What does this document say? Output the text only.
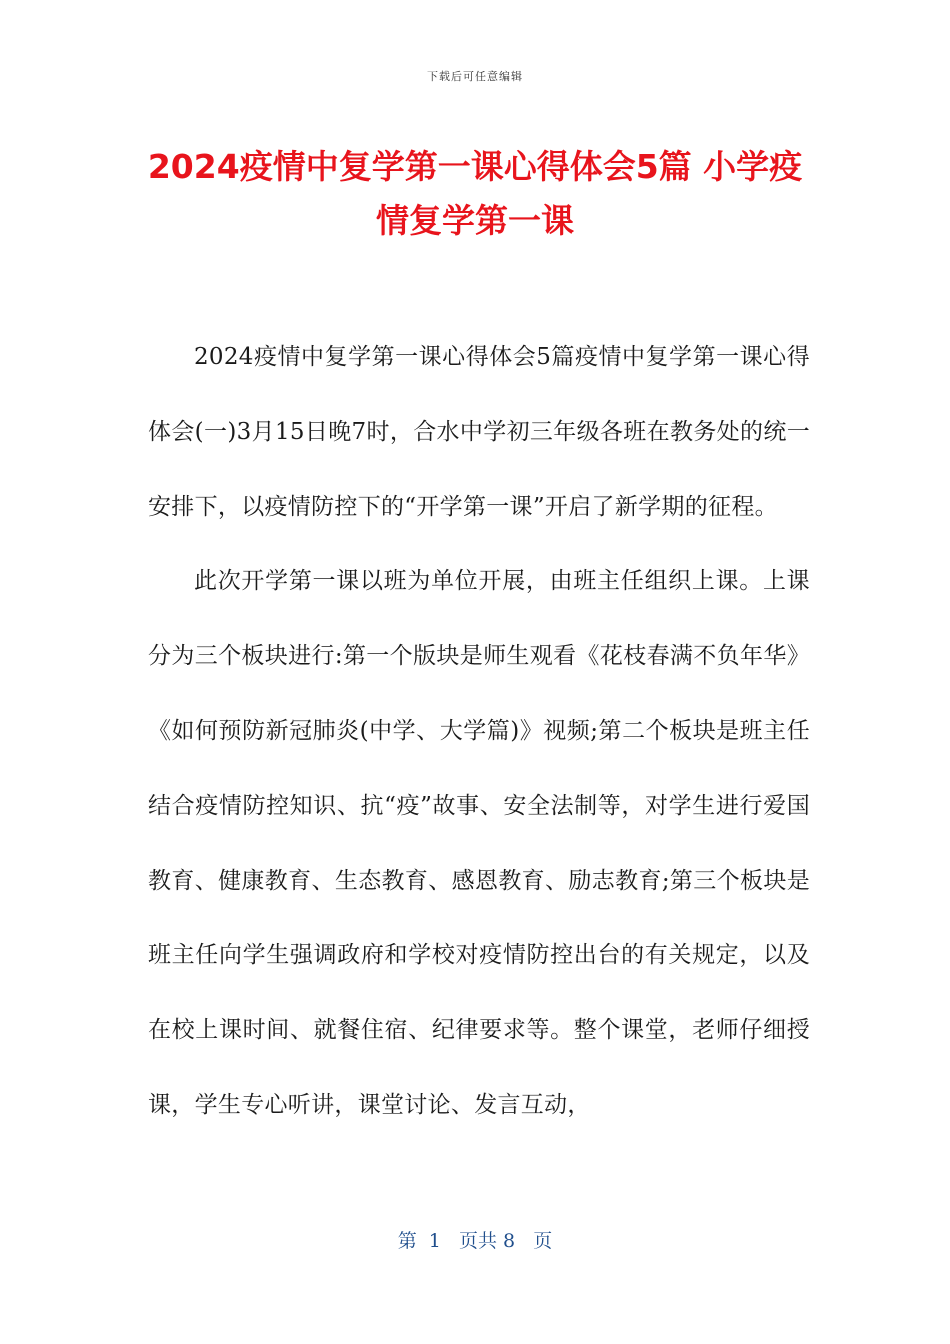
下载后可任意编辑
2024疫情中复学第一课心得体会5篇 小学疫情复学第一课

2024疫情中复学第一课心得体会5篇疫情中复学第一课心得体会(一)3月15日晚7时，合水中学初三年级各班在教务处的统一安排下，以疫情防控下的“开学第一课”开启了新学期的征程。

此次开学第一课以班为单位开展，由班主任组织上课。上课分为三个板块进行:第一个版块是师生观看《花枝春满不负年华》《如何预防新冠肺炎(中学、大学篇)》视频;第二个板块是班主任结合疫情防控知识、抗“疫”故事、安全法制等，对学生进行爱国教育、健康教育、生态教育、感恩教育、励志教育;第三个板块是班主任向学生强调政府和学校对疫情防控出台的有关规定，以及在校上课时间、就餐住宿、纪律要求等。整个课堂，老师仔细授课，学生专心听讲，课堂讨论、发言互动，

第  1   页共 8   页
